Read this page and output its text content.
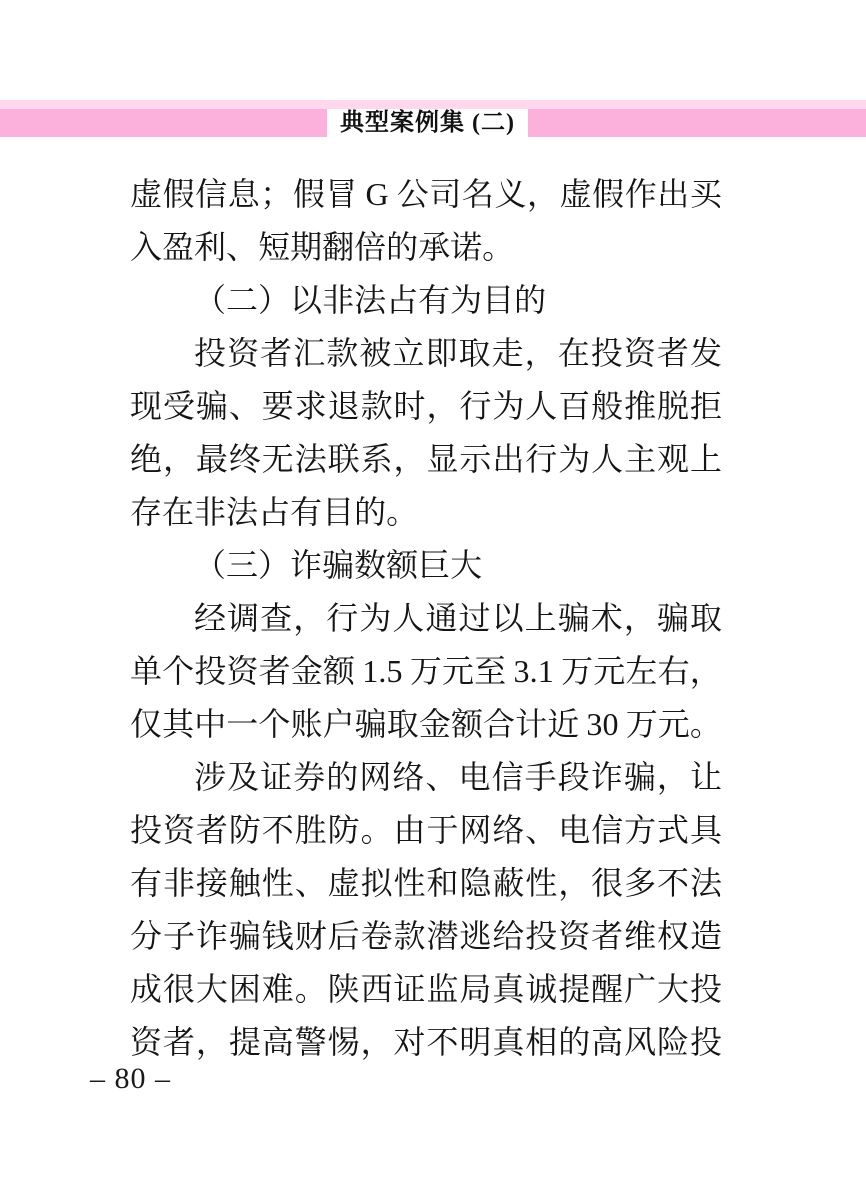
典型案例集 (二)
虚 假 信 息 ； 假 冒 G 公 司 名 义 ， 虚 假 作 出 买
入盈利、短期翻倍的承诺。
（二）以非法占有为目的
投 资 者 汇 款 被 立 即 取 走 ， 在 投 资 者 发
现 受 骗 、 要 求 退 款 时 ， 行 为 人 百 般 推 脱 拒
绝 ， 最 终 无 法 联 系 ， 显 示 出 行 为 人 主 观 上
存在非法占有目的。
（三）诈骗数额巨大
经 调 查 ， 行 为 人 通 过 以 上 骗 术 ， 骗 取
单 个 投 资 者 金 额 1 . 5 万 元 至 3 . 1 万 元 左 右 ，
仅 其 中 一 个 账 户 骗 取 金 额 合 计 近 3 0 万 元 。
涉 及 证 券 的 网 络 、 电 信 手 段 诈 骗 ， 让
投 资 者 防 不 胜 防 。 由 于 网 络 、 电 信 方 式 具
有 非 接 触 性 、 虚 拟 性 和 隐 蔽 性 ， 很 多 不 法
分 子 诈 骗 钱 财 后 卷 款 潜 逃 给 投 资 者 维 权 造
成 很 大 困 难 。 陕 西 证 监 局 真 诚 提 醒 广 大 投
资 者 ， 提 高 警 惕 ， 对 不 明 真 相 的 高 风 险 投
– 80 –
